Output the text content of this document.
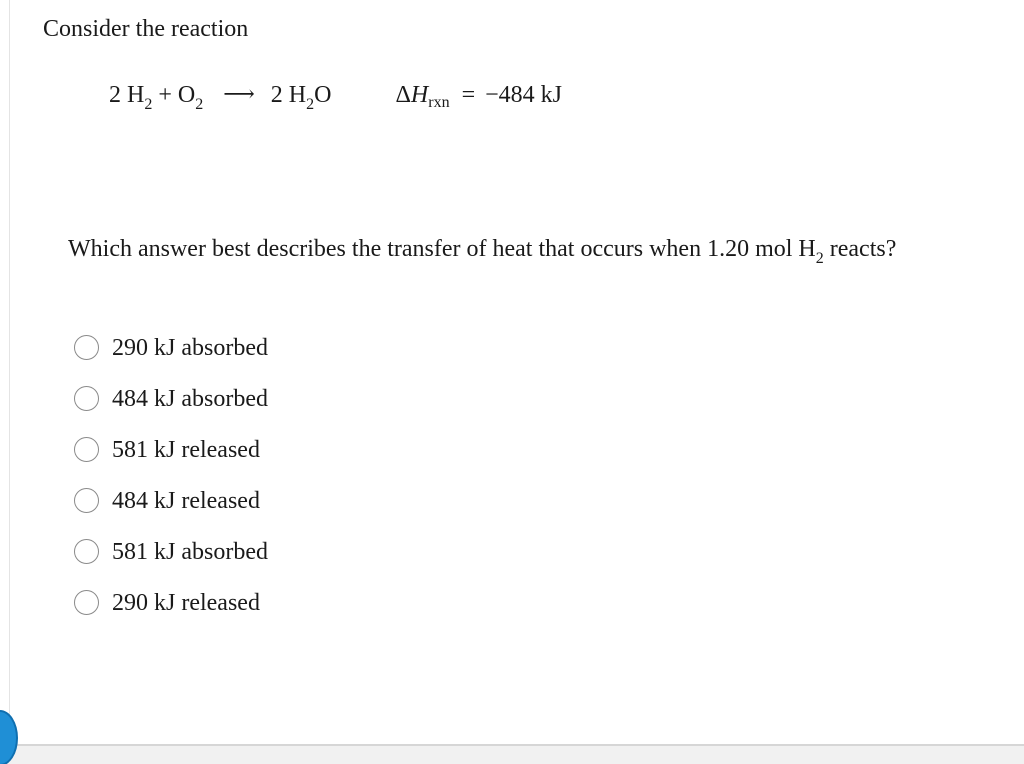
Consider the reaction
2 $H_2 + O_2$ ⟶ 2 $H_2O$	$\Delta H_{rxn} = -484$ kJ
Which answer best describes the transfer of heat that occurs when 1.20 mol $H_2$ reacts?
290 kJ absorbed
484 kJ absorbed
581 kJ released
484 kJ released
581 kJ absorbed
290 kJ released
